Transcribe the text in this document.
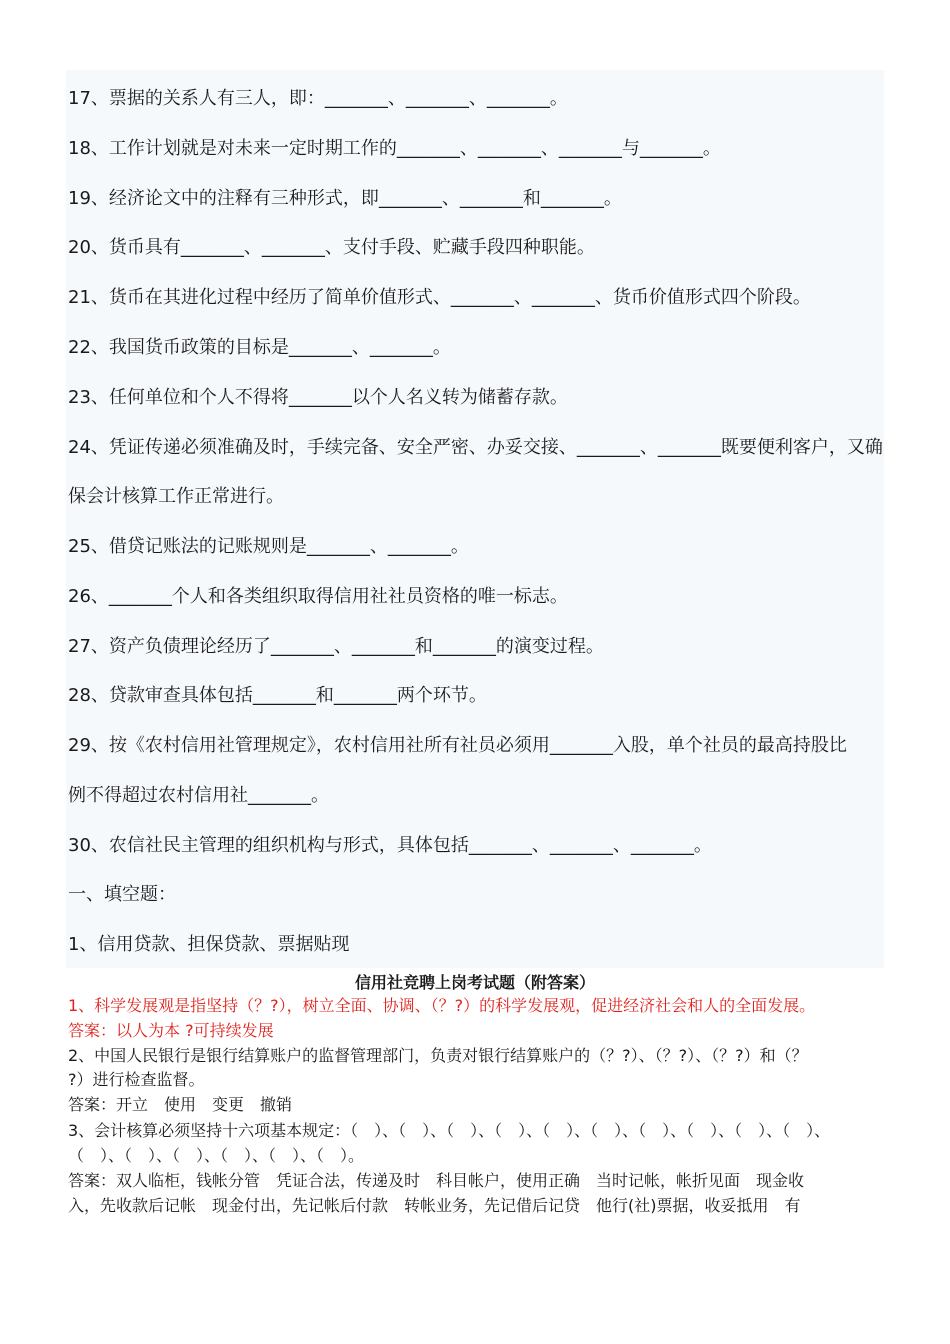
17、票据的关系人有三人，即：_______、_______、_______。
18、工作计划就是对未来一定时期工作的_______、_______、_______与_______。
19、经济论文中的注释有三种形式，即_______、_______和_______。
20、货币具有_______、_______、支付手段、贮藏手段四种职能。
21、货币在其进化过程中经历了简单价值形式、_______、_______、货币价值形式四个阶段。
22、我国货币政策的目标是_______、_______。
23、任何单位和个人不得将_______以个人名义转为储蓄存款。
24、凭证传递必须准确及时，手续完备、安全严密、办妥交接、_______、_______既要便利客户，又确
保会计核算工作正常进行。
25、借贷记账法的记账规则是_______、_______。
26、_______个人和各类组织取得信用社社员资格的唯一标志。
27、资产负债理论经历了_______、_______和_______的演变过程。
28、贷款审查具体包括_______和_______两个环节。
29、按《农村信用社管理规定》，农村信用社所有社员必须用_______入股，单个社员的最高持股比
例不得超过农村信用社_______。
30、农信社民主管理的组织机构与形式，具体包括_______、_______、_______。
一、填空题：
1、信用贷款、担保贷款、票据贴现
信用社竞聘上岗考试题（附答案）
1、科学发展观是指坚持（？?），树立全面、协调、（？?）的科学发展观，促进经济社会和人的全面发展。
答案：以人为本 ?可持续发展
2、中国人民银行是银行结算账户的监督管理部门，负责对银行结算账户的（？?）、（？?）、（？?）和（？
?）进行检查监督。
答案：开立　使用　变更　撤销
3、会计核算必须坚持十六项基本规定：（　）、（　）、（　）、（　）、（　）、（　）、（　）、（　）、（　）、（　）、
（　）、（　）、（　）、（　）、（　）、（　）。
答案：双人临柜，钱帐分管　凭证合法，传递及时　科目帐户，使用正确　当时记帐，帐折见面　现金收
入，先收款后记帐　现金付出，先记帐后付款　转帐业务，先记借后记贷　他行(社)票据，收妥抵用　有
